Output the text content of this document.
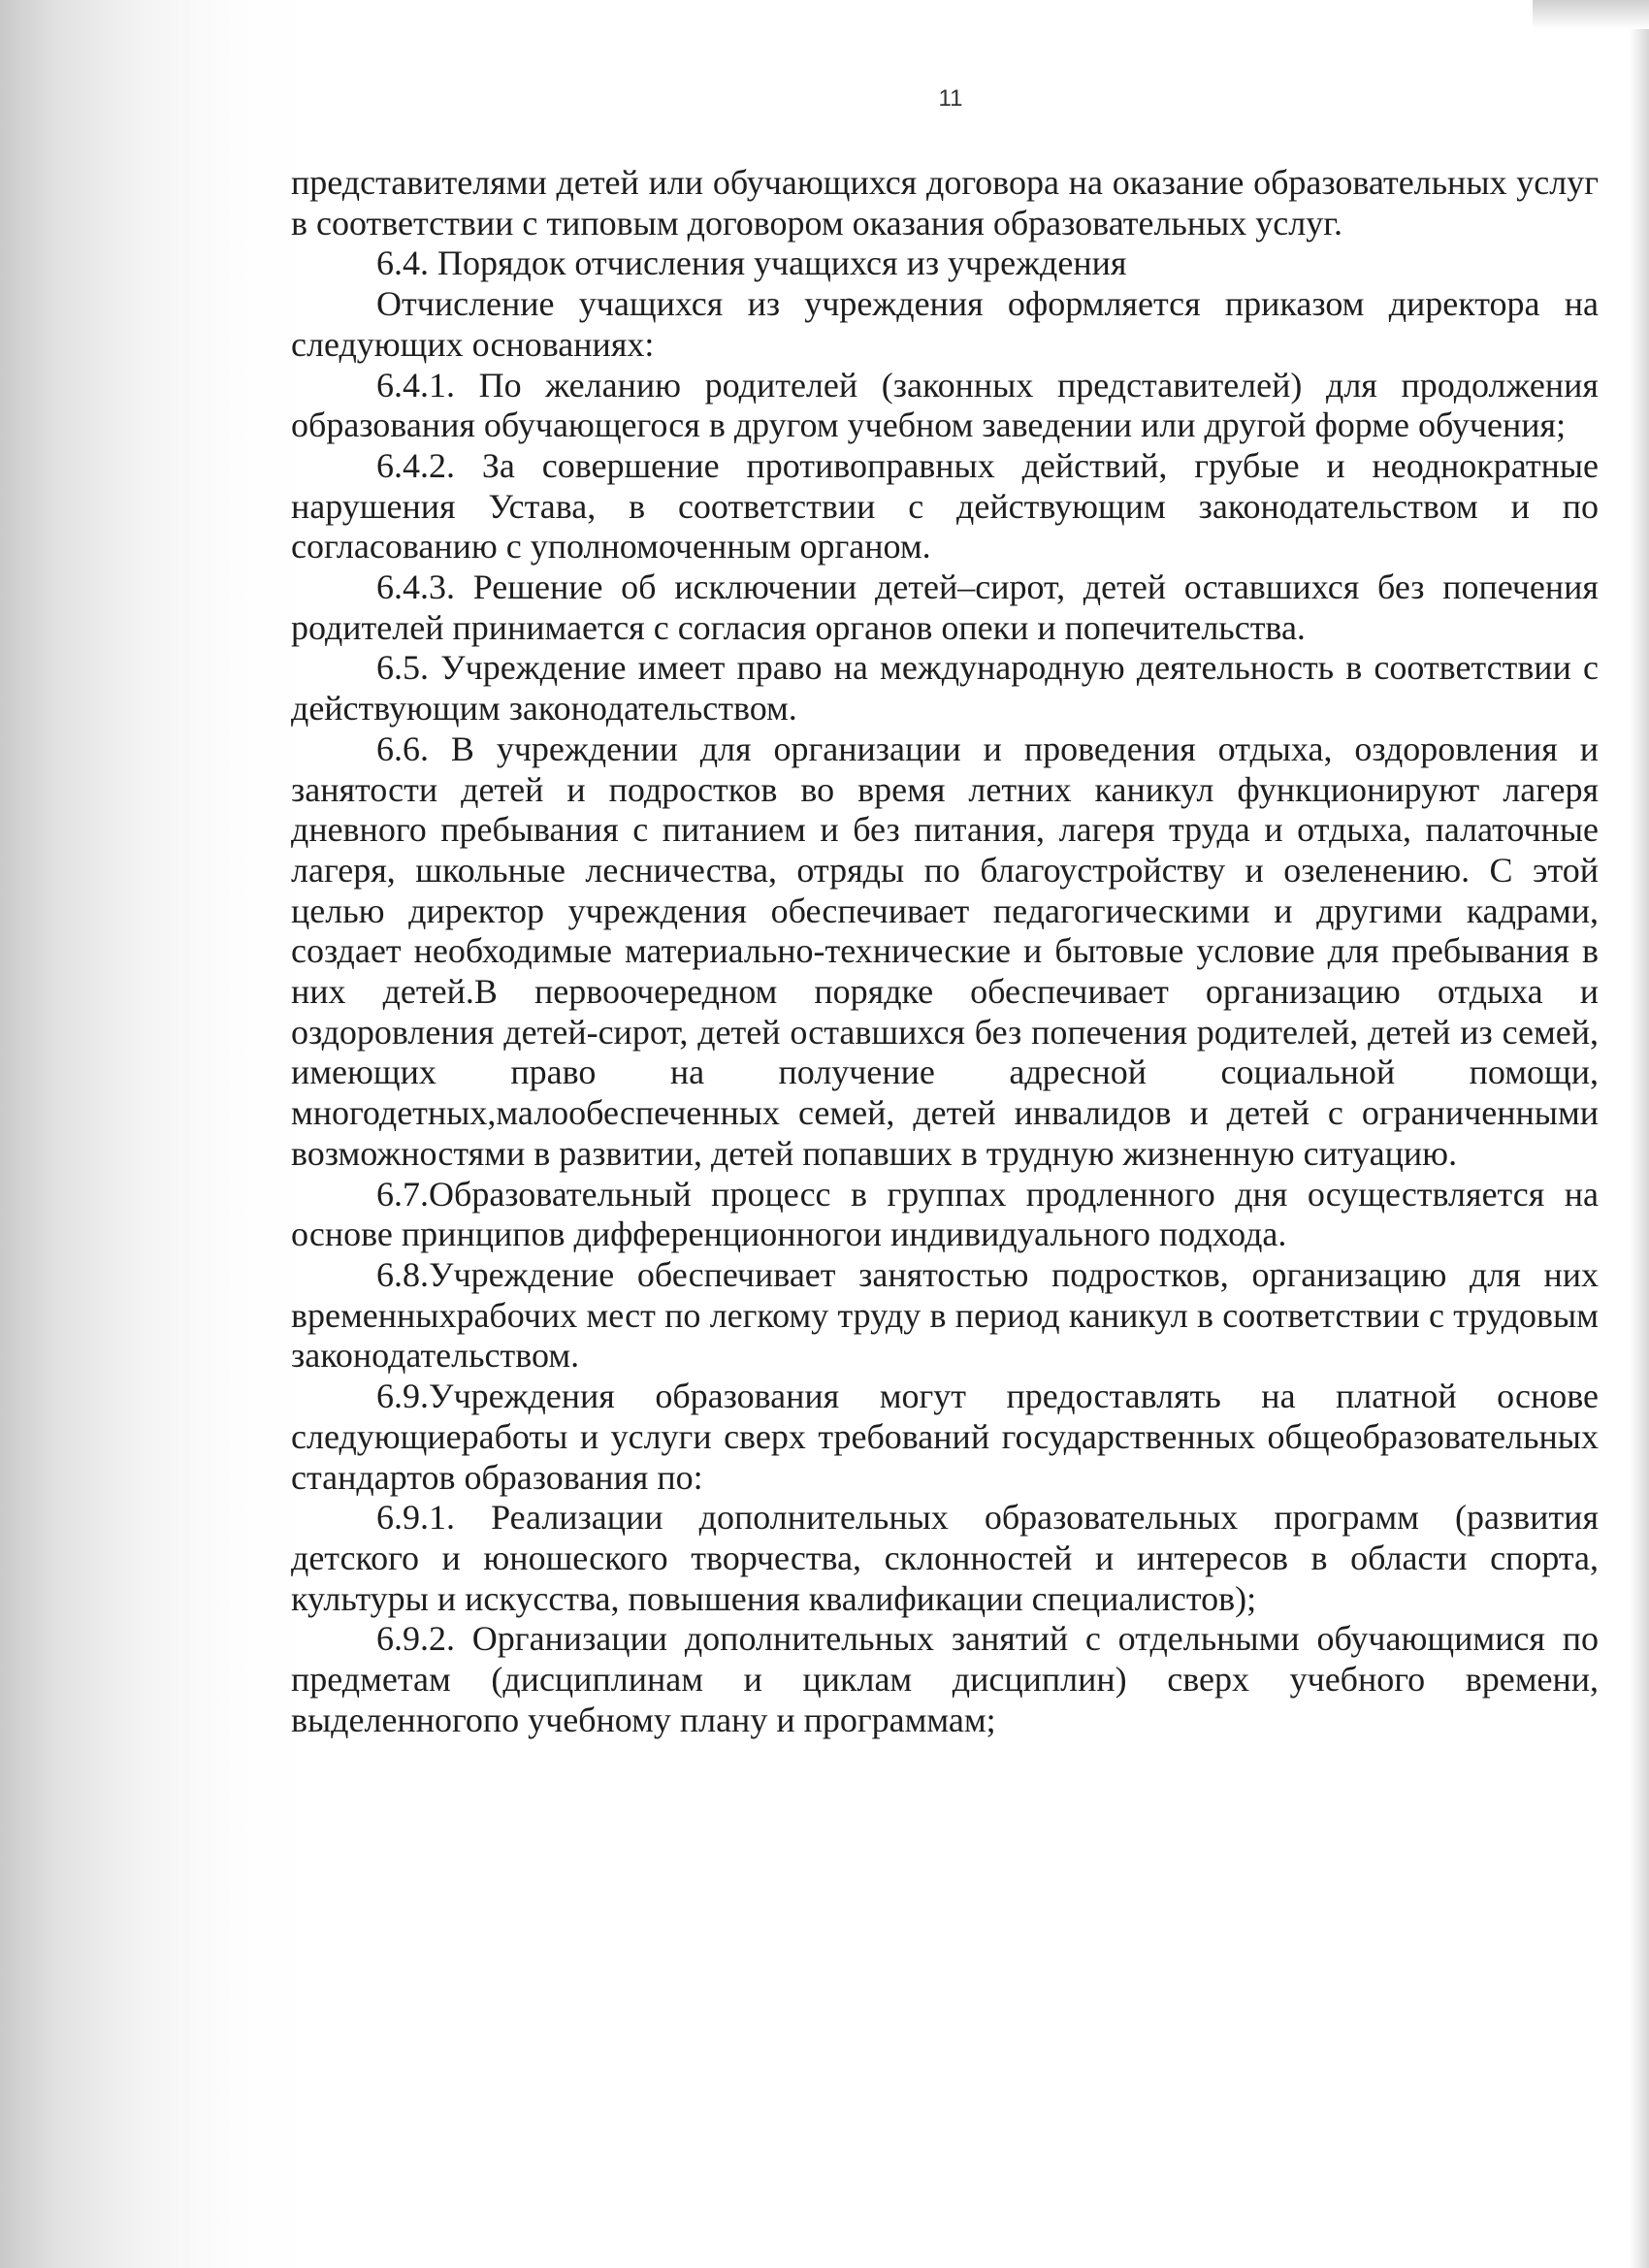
11

представителями детей или обучающихся договора на оказание образовательных услуг в соответствии с типовым договором оказания образовательных услуг.

6.4. Порядок отчисления учащихся из учреждения

Отчисление учащихся из учреждения оформляется приказом директора на следующих основаниях:

6.4.1. По желанию родителей (законных представителей) для продолжения образования обучающегося в другом учебном заведении или другой форме обучения;

6.4.2. За совершение противоправных действий, грубые и неоднократные нарушения Устава, в соответствии с действующим законодательством и по согласованию с уполномоченным органом.

6.4.3. Решение об исключении детей–сирот, детей оставшихся без попечения родителей принимается с согласия органов опеки и попечительства.

6.5. Учреждение имеет право на международную деятельность в соответствии с действующим законодательством.

6.6. В учреждении для организации и проведения отдыха, оздоровления и занятости детей и подростков во время летних каникул функционируют лагеря дневного пребывания с питанием и без питания, лагеря труда и отдыха, палаточные лагеря, школьные лесничества, отряды по благоустройству и озеленению. С этой целью директор учреждения обеспечивает педагогическими и другими кадрами, создает необходимые материально-технические и бытовые условие для пребывания в них детей.В первоочередном порядке обеспечивает организацию отдыха и оздоровления детей-сирот, детей оставшихся без попечения родителей, детей из семей, имеющих право на получение адресной социальной помощи, многодетных,малообеспеченных семей, детей инвалидов и детей с ограниченными возможностями в развитии, детей попавших в трудную жизненную ситуацию.

6.7.Образовательный процесс в группах продленного дня осуществляется на основе принципов дифференционногои индивидуального подхода.

6.8.Учреждение обеспечивает занятостью подростков, организацию для них временныхрабочих мест по легкому труду в период каникул в соответствии с трудовым законодательством.

6.9.Учреждения образования могут предоставлять на платной основе следующиеработы и услуги сверх требований государственных общеобразовательных стандартов образования по:

6.9.1. Реализации дополнительных образовательных программ (развития детского и юношеского творчества, склонностей и интересов в области спорта, культуры и искусства, повышения квалификации специалистов);

6.9.2. Организации дополнительных занятий с отдельными обучающимися по предметам (дисциплинам и циклам дисциплин) сверх учебного времени, выделенногопо учебному плану и программам;
